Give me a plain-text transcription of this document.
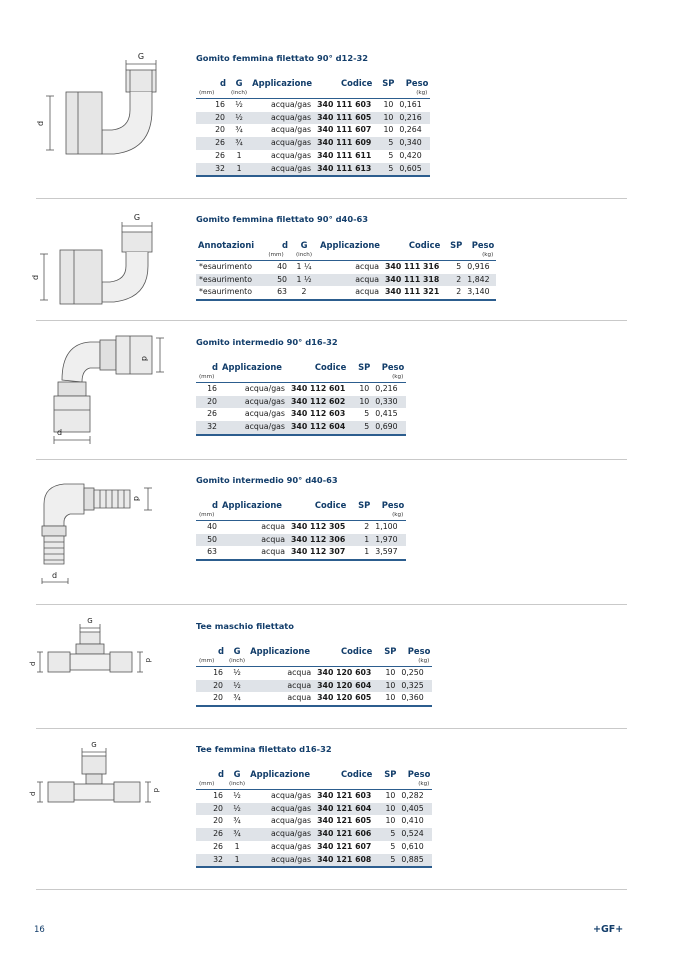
G
d
Gomito femmina filettato 90° d12-32
d	G	Applicazione	Codice	SP	Peso
(mm)	(inch)				(kg)
16	½	acqua/gas	340 111 603	10	0,161
20	½	acqua/gas	340 111 605	10	0,216
20	¾	acqua/gas	340 111 607	10	0,264
26	¾	acqua/gas	340 111 609	5	0,340
26	1	acqua/gas	340 111 611	5	0,420
32	1	acqua/gas	340 111 613	5	0,605
G
d
Gomito femmina filettato 90° d40-63
Annotazioni	d	G	Applicazione	Codice	SP	Peso
	(mm)	(inch)				(kg)
*esaurimento	40	1 ¼	acqua	340 111 316	5	0,916
*esaurimento	50	1 ½	acqua	340 111 318	2	1,842
*esaurimento	63	2	acqua	340 111 321	2	3,140
d
d
Gomito intermedio 90° d16-32
d	Applicazione	Codice	SP	Peso
(mm)				(kg)
16	acqua/gas	340 112 601	10	0,216
20	acqua/gas	340 112 602	10	0,330
26	acqua/gas	340 112 603	5	0,415
32	acqua/gas	340 112 604	5	0,690
d
d
Gomito intermedio 90° d40-63
d	Applicazione	Codice	SP	Peso
(mm)				(kg)
40	acqua	340 112 305	2	1,100
50	acqua	340 112 306	1	1,970
63	acqua	340 112 307	1	3,597
G
d
d
Tee maschio filettato
d	G	Applicazione	Codice	SP	Peso
(mm)	(inch)				(kg)
16	½	acqua	340 120 603	10	0,250
20	½	acqua	340 120 604	10	0,325
20	¾	acqua	340 120 605	10	0,360
G
d
d
Tee femmina filettato d16-32
d	G	Applicazione	Codice	SP	Peso
(mm)	(inch)				(kg)
16	½	acqua/gas	340 121 603	10	0,282
20	½	acqua/gas	340 121 604	10	0,405
20	¾	acqua/gas	340 121 605	10	0,410
26	¾	acqua/gas	340 121 606	5	0,524
26	1	acqua/gas	340 121 607	5	0,610
32	1	acqua/gas	340 121 608	5	0,885
16	+GF+
